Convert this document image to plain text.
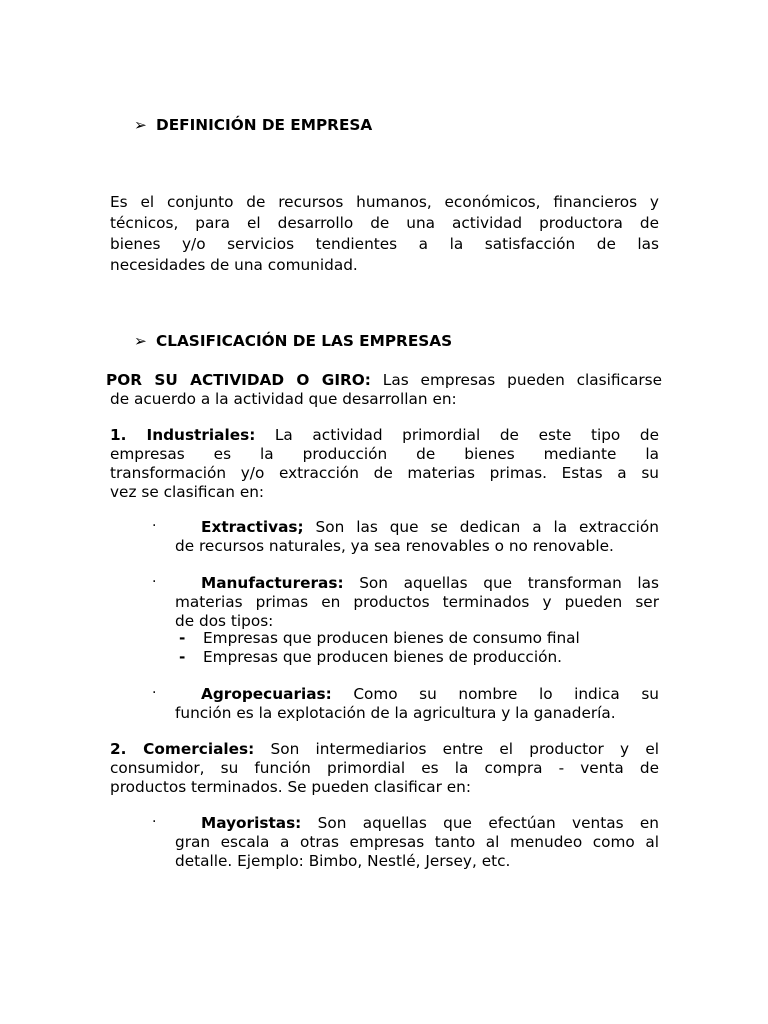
➢ DEFINICIÓN DE EMPRESA
Es el conjunto de recursos humanos, económicos, financieros y
técnicos, para el desarrollo de una actividad productora de
bienes y/o servicios tendientes a la satisfacción de las
necesidades de una comunidad.
➢ CLASIFICACIÓN DE LAS EMPRESAS
POR SU ACTIVIDAD O GIRO: Las empresas pueden clasificarse
de acuerdo a la actividad que desarrollan en:
1. Industriales: La actividad primordial de este tipo de
empresas es la producción de bienes mediante la
transformación y/o extracción de materias primas. Estas a su
vez se clasifican en:
·	Extractivas; Son las que se dedican a la extracción
de recursos naturales, ya sea renovables o no renovable.
·	Manufactureras: Son aquellas que transforman las
materias primas en productos terminados y pueden ser
de dos tipos:
- Empresas que producen bienes de consumo final
- Empresas que producen bienes de producción.
·	Agropecuarias: Como su nombre lo indica su
función es la explotación de la agricultura y la ganadería.
2. Comerciales: Son intermediarios entre el productor y el
consumidor, su función primordial es la compra - venta de
productos terminados. Se pueden clasificar en:
·	Mayoristas: Son aquellas que efectúan ventas en
gran escala a otras empresas tanto al menudeo como al
detalle. Ejemplo: Bimbo, Nestlé, Jersey, etc.
